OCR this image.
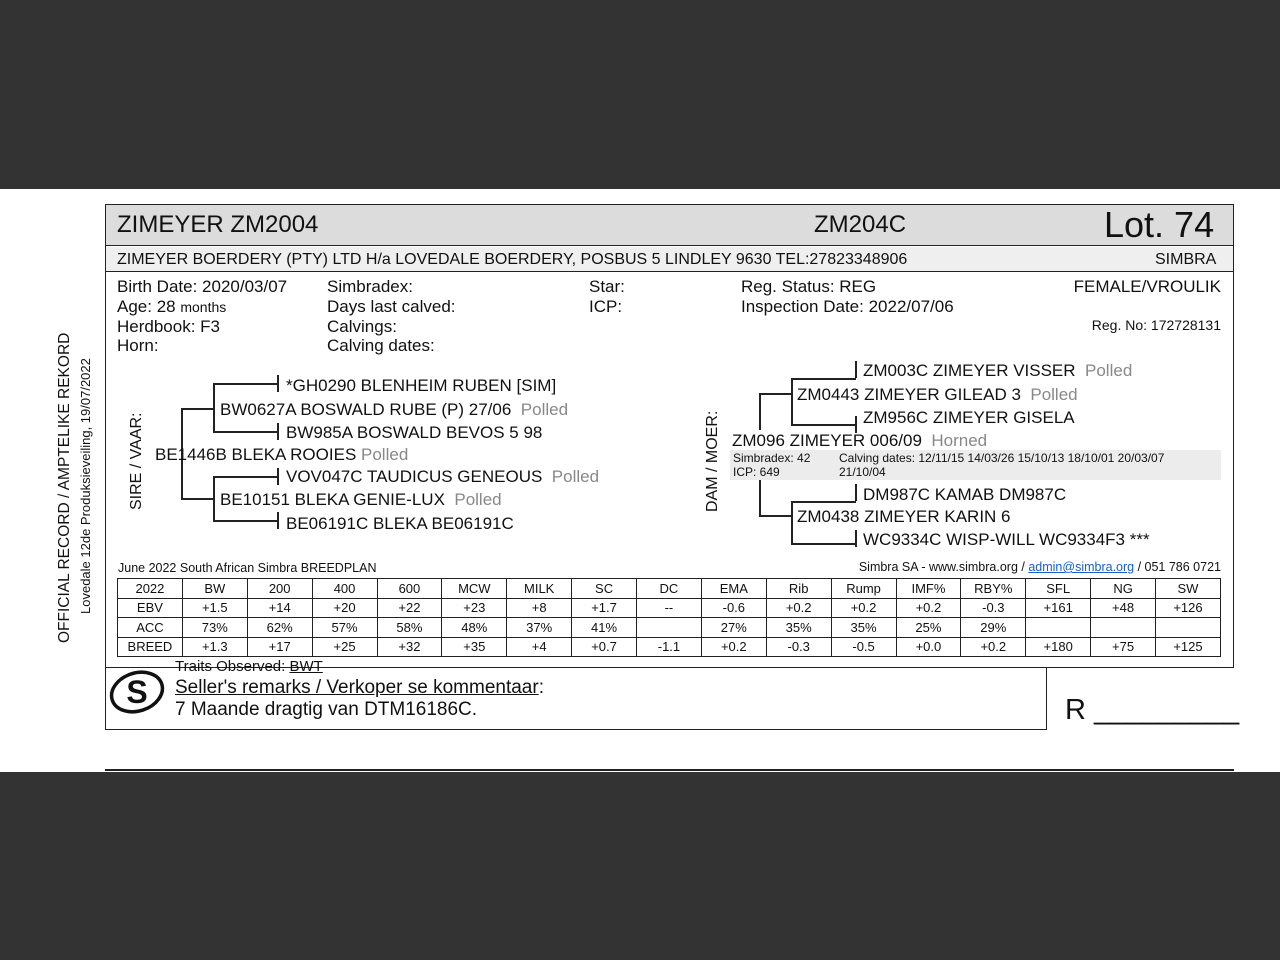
OFFICIAL RECORD / AMPTELIKE REKORD Lovedale 12de Produksieveiling, 19/07/2022
ZIMEYER ZM2004	ZM204C	Lot. 74
ZIMEYER BOERDERY (PTY) LTD H/a LOVEDALE BOERDERY, POSBUS 5 LINDLEY 9630 TEL:27823348906	SIMBRA
Birth Date: 2020/03/07
Age: 28 months
Herdbook: F3
Horn:
Simbradex:
Days last calved:
Calvings:
Calving dates:
Star:
ICP:
Reg. Status: REG
Inspection Date: 2022/07/06
FEMALE/VROULIK
Reg. No: 172728131
SIRE / VAAR:	DAM / MOER:
BE1446B BLEKA ROOIES Polled
BW0627A BOSWALD RUBE (P) 27/06 Polled
*GH0290 BLENHEIM RUBEN [SIM]
BW985A BOSWALD BEVOS 5 98
BE10151 BLEKA GENIE-LUX Polled
VOV047C TAUDICUS GENEOUS Polled
BE06191C BLEKA BE06191C
ZM003C ZIMEYER VISSER Polled
ZM0443 ZIMEYER GILEAD 3 Polled
ZM956C ZIMEYER GISELA
ZM096 ZIMEYER 006/09 Horned
Simbradex: 42
ICP: 649
Calving dates: 12/11/15 14/03/26 15/10/13 18/10/01 20/03/07
21/10/04
DM987C KAMAB DM987C
ZM0438 ZIMEYER KARIN 6
WC9334C WISP-WILL WC9334F3 ***
June 2022 South African Simbra BREEDPLAN	Simbra SA - www.simbra.org / admin@simbra.org / 051 786 0721
2022	BW	200	400	600	MCW	MILK	SC	DC	EMA	Rib	Rump	IMF%	RBY%	SFL	NG	SW
EBV	+1.5	+14	+20	+22	+23	+8	+1.7	--	-0.6	+0.2	+0.2	+0.2	-0.3	+161	+48	+126
ACC	73%	62%	57%	58%	48%	37%	41%		27%	35%	35%	25%	29%			
BREED	+1.3	+17	+25	+32	+35	+4	+0.7	-1.1	+0.2	-0.3	-0.5	+0.0	+0.2	+180	+75	+125
S
Traits Observed: BWT
Seller's remarks / Verkoper se kommentaar:
7 Maande dragtig van DTM16186C.	R _________
